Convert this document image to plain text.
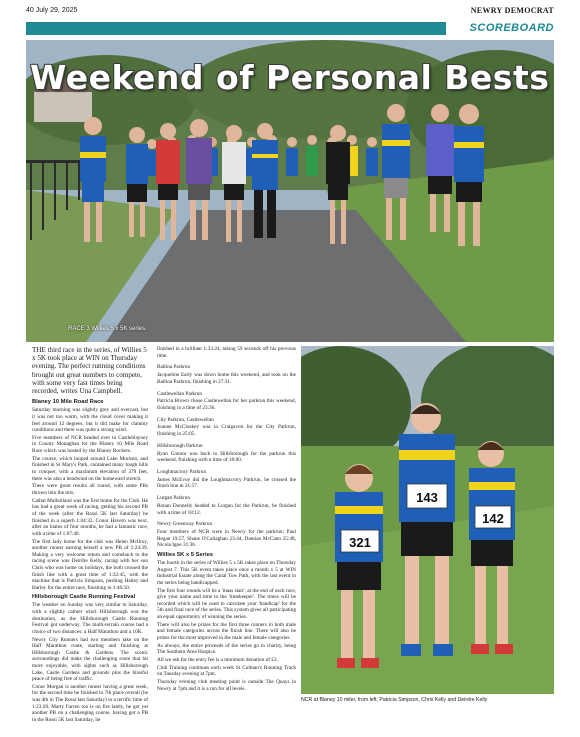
40 July 29, 2025	NEWRY DEMOCRAT
SCOREBOARD
Weekend of Personal Bests
RACE 3 Willies 5 x 5K series.

THE third race in the series, of Willies 5 x 5K took place at WIN on Thursday evening. The perfect running conditions brought out great numbers to compete, with some very fast times being recorded, writes Una Campbell.

Blaney 10 Mile Road Race

Saturday morning was slightly grey and overcast, but it was not too warm, with the cloud cover making it feel around 12 degrees, but it did make for clammy conditions and there was quite a strong wind.

Five members of NCR headed over to Castleblayney in County Monaghan for the Blaney 10 Mile Road Race which was hosted by the Blaney Rockets.

The course, which looped around Lake Muckno, and finished in St Mary's Park, contained many tough hills to conquer, with a maximum elevation of 379 feet, there was also a headwind on the homeward stretch.

There were great results all round, with some PBs thrown into the mix.

Cathal Mulholland was the first home for the Club. He has had a great week of racing, getting his second PB of the week (after the Rossi 5K last Saturday) he finished in a superb 1:04:32. Conor Havern was next, after an hiatus of four months, he had a fantastic race, with a time of 1:07:48.

The first lady home for the club was Helen McIlroy, another runner earning herself a new PB of 1:24:39. Making a very welcome return and comeback to the racing scene was Deirdre Kelly, racing with her son Chris who was home on holidays, the both crossed the finish line with a great time of 1:32:45, with the machine that is Patricia Simpson, pushing Hailey and Harley for the entire race, finishing in 1:46:50.

Hillsborough Castle Running Festival

The weather on Sunday was very similar to Saturday, with a slightly calmer wind. Hillsborough was the destination, as the Hillsborough Castle Running Festival got underway. The multi-terrain course had a choice of two distances: a Half Marathon and a 10K.

Newry City Runners had two members take on the Half Marathon route, starting and finishing at Hillsborough Castle & Gardens. The scenic surroundings did make the challenging route that bit more enjoyable, with sights such as Hillsborough Lake, Castle Gardens and grounds plus the blissful peace of being free of traffic.

Conor Morgan is another runner having a great week, for the second time he finished in 7th place overall (he was 4th in The Rossi last Saturday) in a terrific time of 1:23:28. Marty Farren too is on fire lately, he got yet another PB on a challenging course, having got a PB in the Rossi 5K last Saturday, he

finished in a brilliant 1:33:24, taking 59 seconds off his previous time.

Ballina Parkrun

Jacqueline Early was down home this weekend, and took on the Ballina Parkrun, finishing in 27:31.

Castlewellan Parkrun

Patricia Brown chose Castlewellan for her parkrun this weekend, finishing in a time of 23:36.

City Parkrun, Castlewellan

Joanne McCloskey was in Craigavon for the City Parkrun, finishing in 25:05.

Hillsborough Parkrun

Ryan Connor was back to Hillsborough for the parkrun this weekend, finishing with a time of 18:00.

Loughmacrory Parkrun

James McEvoy did the Loughmacrory Parkrun, he crossed the finish line in 31:57.

Lurgan Parkrun

Ronan Donnelly headed to Lurgan for the Parkrun, he finished with a time of 18:12.

Newry Greenway Parkrun

Four members of NCR were in Newry for the parkrun; Paul Regan 19:57, Shane O'Callaghan 23:44, Damian McCann 25:48, Nicola Igoe 31:36.

Willies 5K x 5 Series

The fourth in the series of Willies 5 x 5K takes place on Thursday August 7. This 5K event takes place once a month x 5 at WIN Industrial Estate along the Canal Tow Path, with the last event in the series being handicapped.

The first four rounds will be a 'mass start', at the end of each race, give your name and time to the 'timekeeper'. The times will be recorded which will be used to calculate your 'handicap' for the 5th and final race of the series. This system gives all participating an equal opportunity of winning the series.

There will also be prizes for the first three runners in both male and female categories across the finish line. There will also be prizes for the most improved in the male and female categories.

As always, the entire proceeds of the series go to charity, being The Southern Area Hospice.

All we ask for the entry fee is a minimum donation of £3.

Club Training continues each week St Colman's Running Track on Tuesday evening at 7pm.

Thursday evening club meeting point is outside The Quays in Newry at 7pm and it is a run for all levels.

321
143
142
NCR at Blaney 10 miler, from left, Patricia Simpson, Chris Kelly and Deirdre Kelly
